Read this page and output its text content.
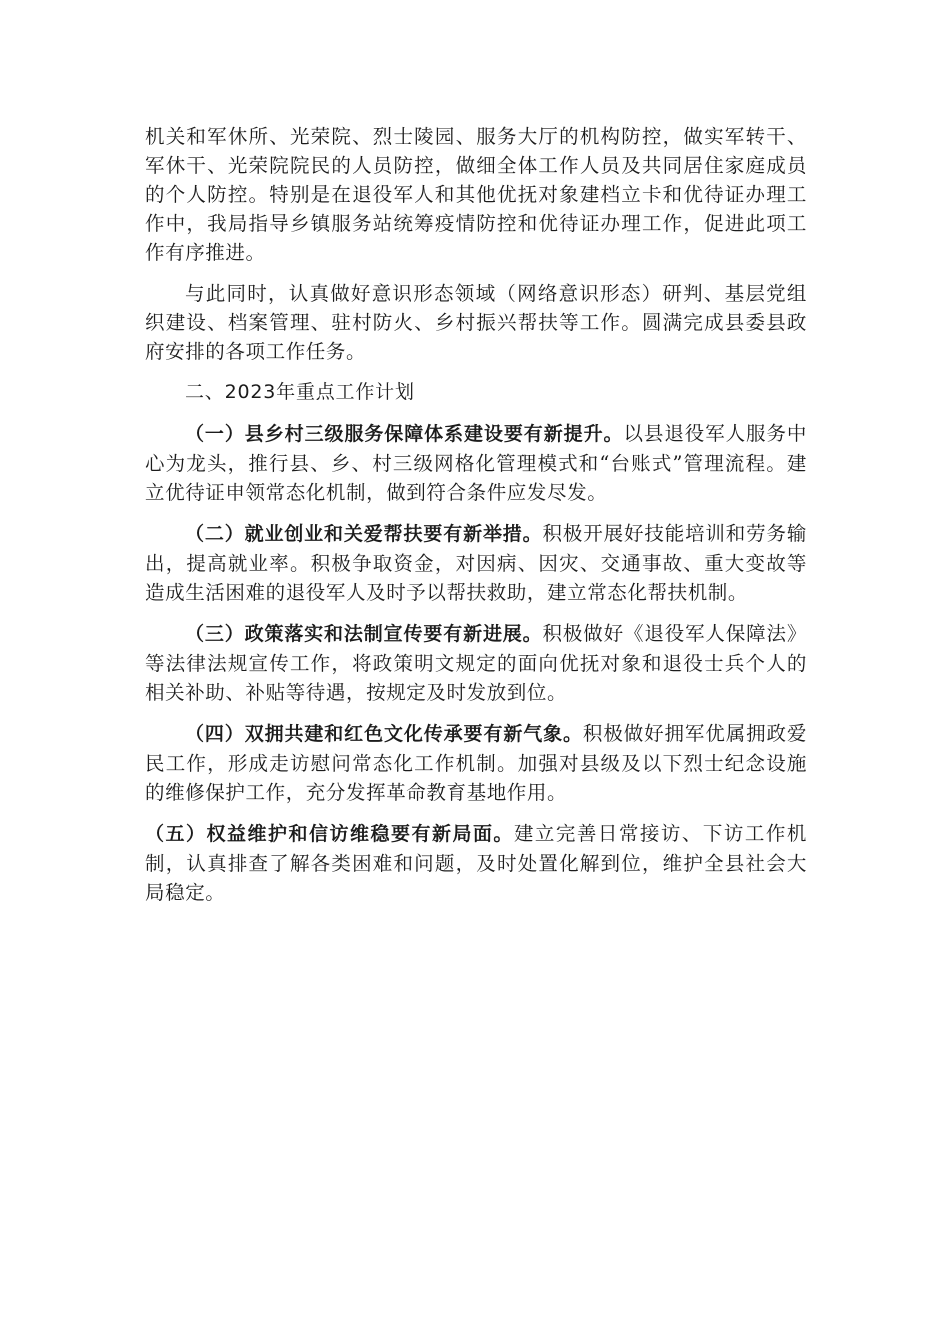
机关和军休所、光荣院、烈士陵园、服务大厅的机构防控，做实军转干、军休干、光荣院院民的人员防控，做细全体工作人员及共同居住家庭成员的个人防控。特别是在退役军人和其他优抚对象建档立卡和优待证办理工作中，我局指导乡镇服务站统筹疫情防控和优待证办理工作，促进此项工作有序推进。

与此同时，认真做好意识形态领域（网络意识形态）研判、基层党组织建设、档案管理、驻村防火、乡村振兴帮扶等工作。圆满完成县委县政府安排的各项工作任务。

二、2023年重点工作计划

（一）县乡村三级服务保障体系建设要有新提升。以县退役军人服务中心为龙头，推行县、乡、村三级网格化管理模式和“台账式”管理流程。建立优待证申领常态化机制，做到符合条件应发尽发。

（二）就业创业和关爱帮扶要有新举措。积极开展好技能培训和劳务输出，提高就业率。积极争取资金，对因病、因灾、交通事故、重大变故等造成生活困难的退役军人及时予以帮扶救助，建立常态化帮扶机制。

（三）政策落实和法制宣传要有新进展。积极做好《退役军人保障法》等法律法规宣传工作，将政策明文规定的面向优抚对象和退役士兵个人的相关补助、补贴等待遇，按规定及时发放到位。

（四）双拥共建和红色文化传承要有新气象。积极做好拥军优属拥政爱民工作，形成走访慰问常态化工作机制。加强对县级及以下烈士纪念设施的维修保护工作，充分发挥革命教育基地作用。

（五）权益维护和信访维稳要有新局面。建立完善日常接访、下访工作机制，认真排查了解各类困难和问题，及时处置化解到位，维护全县社会大局稳定。
